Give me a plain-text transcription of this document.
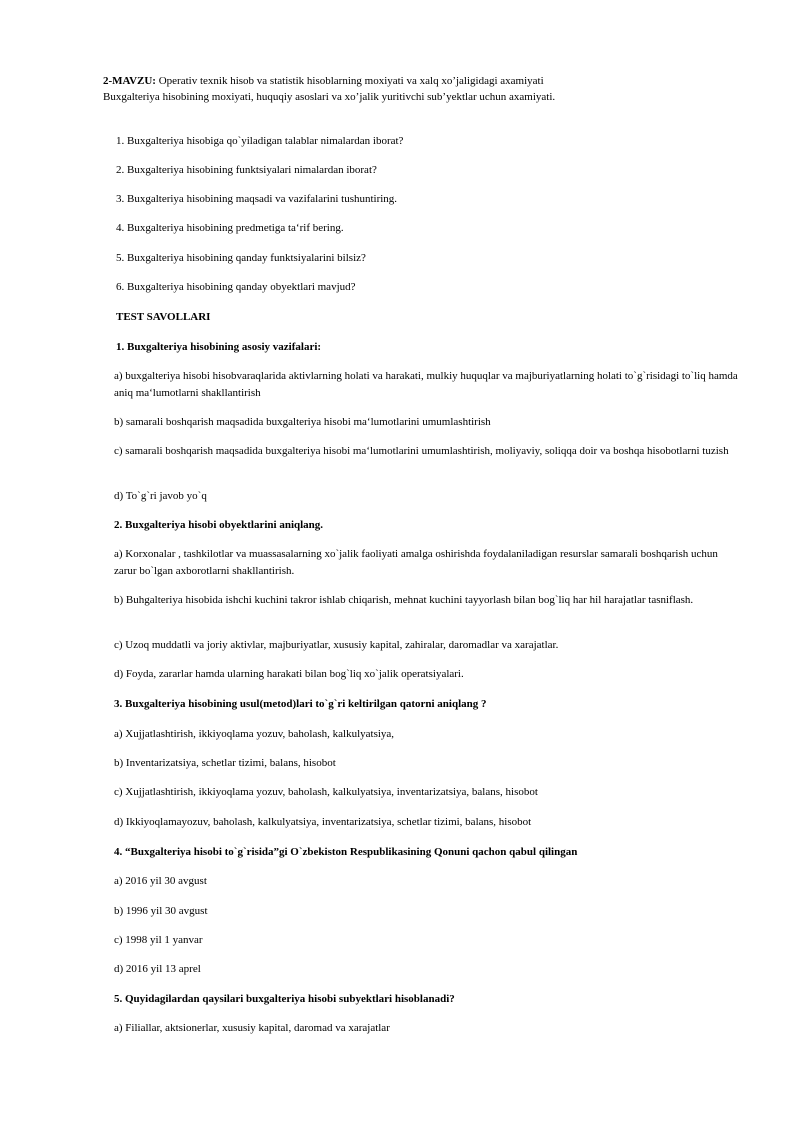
2-MAVZU: Operativ texnik hisob va statistik hisoblarning moxiyati va xalq xo’jaligidagi axamiyati
Buxgalteriya hisobining moxiyati, huquqiy asoslari va xo’jalik yuritivchi sub’yektlar uchun axamiyati.
1. Buxgalteriya hisobiga qo`yiladigan talablar nimalardan iborat?
2. Buxgalteriya hisobining funktsiyalari nimalardan iborat?
3. Buxgalteriya hisobining maqsadi va vazifalarini tushuntiring.
4. Buxgalteriya hisobining predmetiga ta‘rif bering.
5. Buxgalteriya hisobining qanday funktsiyalarini bilsiz?
6. Buxgalteriya hisobining qanday obyektlari mavjud?
TEST SAVOLLARI
1. Buxgalteriya hisobining asosiy vazifalari:
a) buxgalteriya hisobi hisobvaraqlarida aktivlarning holati va harakati, mulkiy huquqlar va majburiyatlarning holati to`g`risidagi to`liq hamda aniq ma‘lumotlarni shakllantirish
b) samarali boshqarish maqsadida buxgalteriya hisobi ma‘lumotlarini umumlashtirish
c) samarali boshqarish maqsadida buxgalteriya hisobi ma‘lumotlarini umumlashtirish, moliyaviy, soliqqa doir va boshqa hisobotlarni tuzish
d) To`g`ri javob yo`q
2. Buxgalteriya hisobi obyektlarini aniqlang.
a) Korxonalar , tashkilotlar va muassasalarning xo`jalik faoliyati amalga oshirishda foydalaniladigan resurslar samarali boshqarish uchun zarur bo`lgan axborotlarni shakllantirish.
b) Buhgalteriya hisobida ishchi kuchini takror ishlab chiqarish, mehnat kuchini tayyorlash bilan bog`liq har hil harajatlar tasniflash.
c) Uzoq muddatli va joriy aktivlar, majburiyatlar, xususiy kapital, zahiralar, daromadlar va xarajatlar.
d) Foyda, zararlar hamda ularning harakati bilan bog`liq xo`jalik operatsiyalari.
3. Buxgalteriya hisobining usul(metod)lari to`g`ri keltirilgan qatorni aniqlang ?
a) Xujjatlashtirish, ikkiyoqlama yozuv, baholash, kalkulyatsiya,
b) Inventarizatsiya, schetlar tizimi, balans, hisobot
c) Xujjatlashtirish, ikkiyoqlama yozuv, baholash, kalkulyatsiya, inventarizatsiya, balans, hisobot
d) Ikkiyoqlamayozuv, baholash, kalkulyatsiya, inventarizatsiya, schetlar tizimi, balans, hisobot
4. “Buxgalteriya hisobi to`g`risida”gi O`zbekiston Respublikasining Qonuni qachon qabul qilingan
a) 2016 yil 30 avgust
b) 1996 yil 30 avgust
c) 1998 yil 1 yanvar
d) 2016 yil 13 aprel
5. Quyidagilardan qaysilari buxgalteriya hisobi subyektlari hisoblanadi?
a) Filiallar, aktsionerlar, xususiy kapital, daromad va xarajatlar
